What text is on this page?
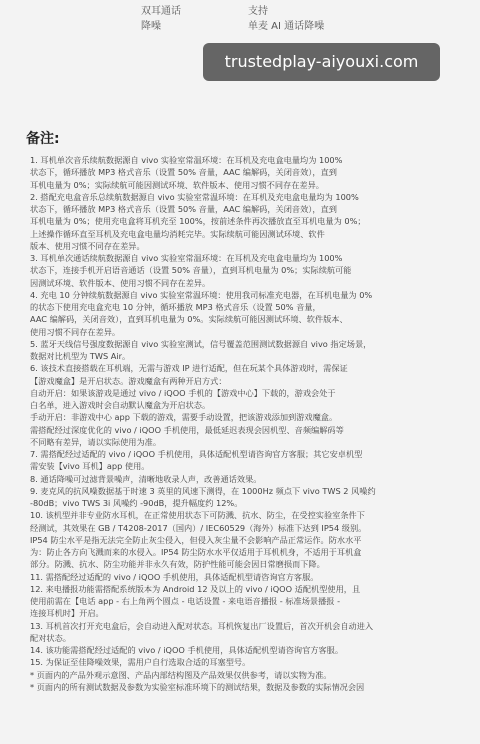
双耳通话	支持
降噪	单麦 AI 通话降噪
trustedplay-aiyouxi.com
备注:

1. 耳机单次音乐续航数据源自 vivo 实验室常温环境：在耳机及充电盒电量均为 100%

状态下，循环播放 MP3 格式音乐（设置 50% 音量，AAC 编解码，关闭音效），直到

耳机电量为 0%；实际续航可能因测试环境、软件版本、使用习惯不同存在差异。

2. 搭配充电盒音乐总续航数据源自 vivo 实验室常温环境：在耳机及充电盒电量均为 100%

状态下，循环播放 MP3 格式音乐（设置 50% 音量，AAC 编解码，关闭音效），直到

耳机电量为 0%；使用充电盒将耳机充至 100%，按前述条件再次播放直至耳机电量为 0%；

上述操作循环直至耳机及充电盒电量均消耗完毕。实际续航可能因测试环境、软件

版本、使用习惯不同存在差异。

3. 耳机单次通话续航数据源自 vivo 实验室常温环境：在耳机及充电盒电量均为 100%

状态下，连接手机开启语音通话（设置 50% 音量），直到耳机电量为 0%；实际续航可能

因测试环境、软件版本、使用习惯不同存在差异。

4. 充电 10 分钟续航数据源自 vivo 实验室常温环境：使用我司标准充电器，在耳机电量为 0%

的状态下使用充电盒充电 10 分钟，循环播放 MP3 格式音乐（设置 50% 音量，

AAC 编解码，关闭音效），直到耳机电量为 0%。实际续航可能因测试环境、软件版本、

使用习惯不同存在差异。

5. 蓝牙天线信号强度数据源自 vivo 实验室测试，信号覆盖范围测试数据源自 vivo 指定场景，

数据对比机型为 TWS Air。

6. 该技术直接搭载在耳机端，无需与游戏 IP 进行适配，但在玩某个具体游戏时，需保证

【游戏魔盒】是开启状态。游戏魔盒有两种开启方式：

自动开启：如果该游戏是通过 vivo / iQOO 手机的【游戏中心】下载的，游戏会处于

白名单，进入游戏时会自动默认魔盒为开启状态。

手动开启：非游戏中心 app 下载的游戏，需要手动设置，把该游戏添加到游戏魔盒。

需搭配经过深度优化的 vivo / iQOO 手机使用，最低延迟表现会因机型、音频编解码等

不同略有差异，请以实际使用为准。

7. 需搭配经过适配的 vivo / iQOO 手机使用，具体适配机型请咨询官方客服；其它安卓机型

需安装【vivo 耳机】app 使用。

8. 通话降噪可过滤背景噪声，清晰地收录人声，改善通话效果。

9. 麦克风的抗风噪数据基于时速 3 英里的风速下测得，在 1000Hz 频点下 vivo TWS 2 风噪约

-80dB；vivo TWS 3i 风噪约 -90dB，提升幅度约 12%。

10. 该机型并非专业防水耳机，在正常使用状态下可防溅、抗水、防尘，在受控实验室条件下

经测试，其效果在 GB / T4208-2017（国内）/ IEC60529（海外）标准下达到 IP54 级别。

IP54 防尘水平是指无法完全防止灰尘侵入，但侵入灰尘量不会影响产品正常运作。防水水平

为：防止各方向飞溅而来的水侵入。IP54 防尘防水水平仅适用于耳机机身，不适用于耳机盒

部分。防溅、抗水、防尘功能并非永久有效，防护性能可能会因日常磨损而下降。

11. 需搭配经过适配的 vivo / iQOO 手机使用，具体适配机型请咨询官方客服。

12. 来电播报功能需搭配系统版本为 Android 12 及以上的 vivo / iQOO 适配机型使用，且

使用前需在【电话 app - 右上角两个圆点 - 电话设置 - 来电语音播报 - 标准场景播报 -

连接耳机时】开启。

13. 耳机首次打开充电盒后，会自动进入配对状态。耳机恢复出厂设置后，首次开机会自动进入

配对状态。

14. 该功能需搭配经过适配的 vivo / iQOO 手机使用，具体适配机型请咨询官方客服。

15. 为保证至佳降噪效果，需用户自行选取合适的耳塞型号。

* 页面内的产品外观示意图、产品内部结构图及产品效果仅供参考，请以实物为准。

* 页面内的所有测试数据及参数为实验室标准环境下的测试结果，数据及参数的实际情况会因
